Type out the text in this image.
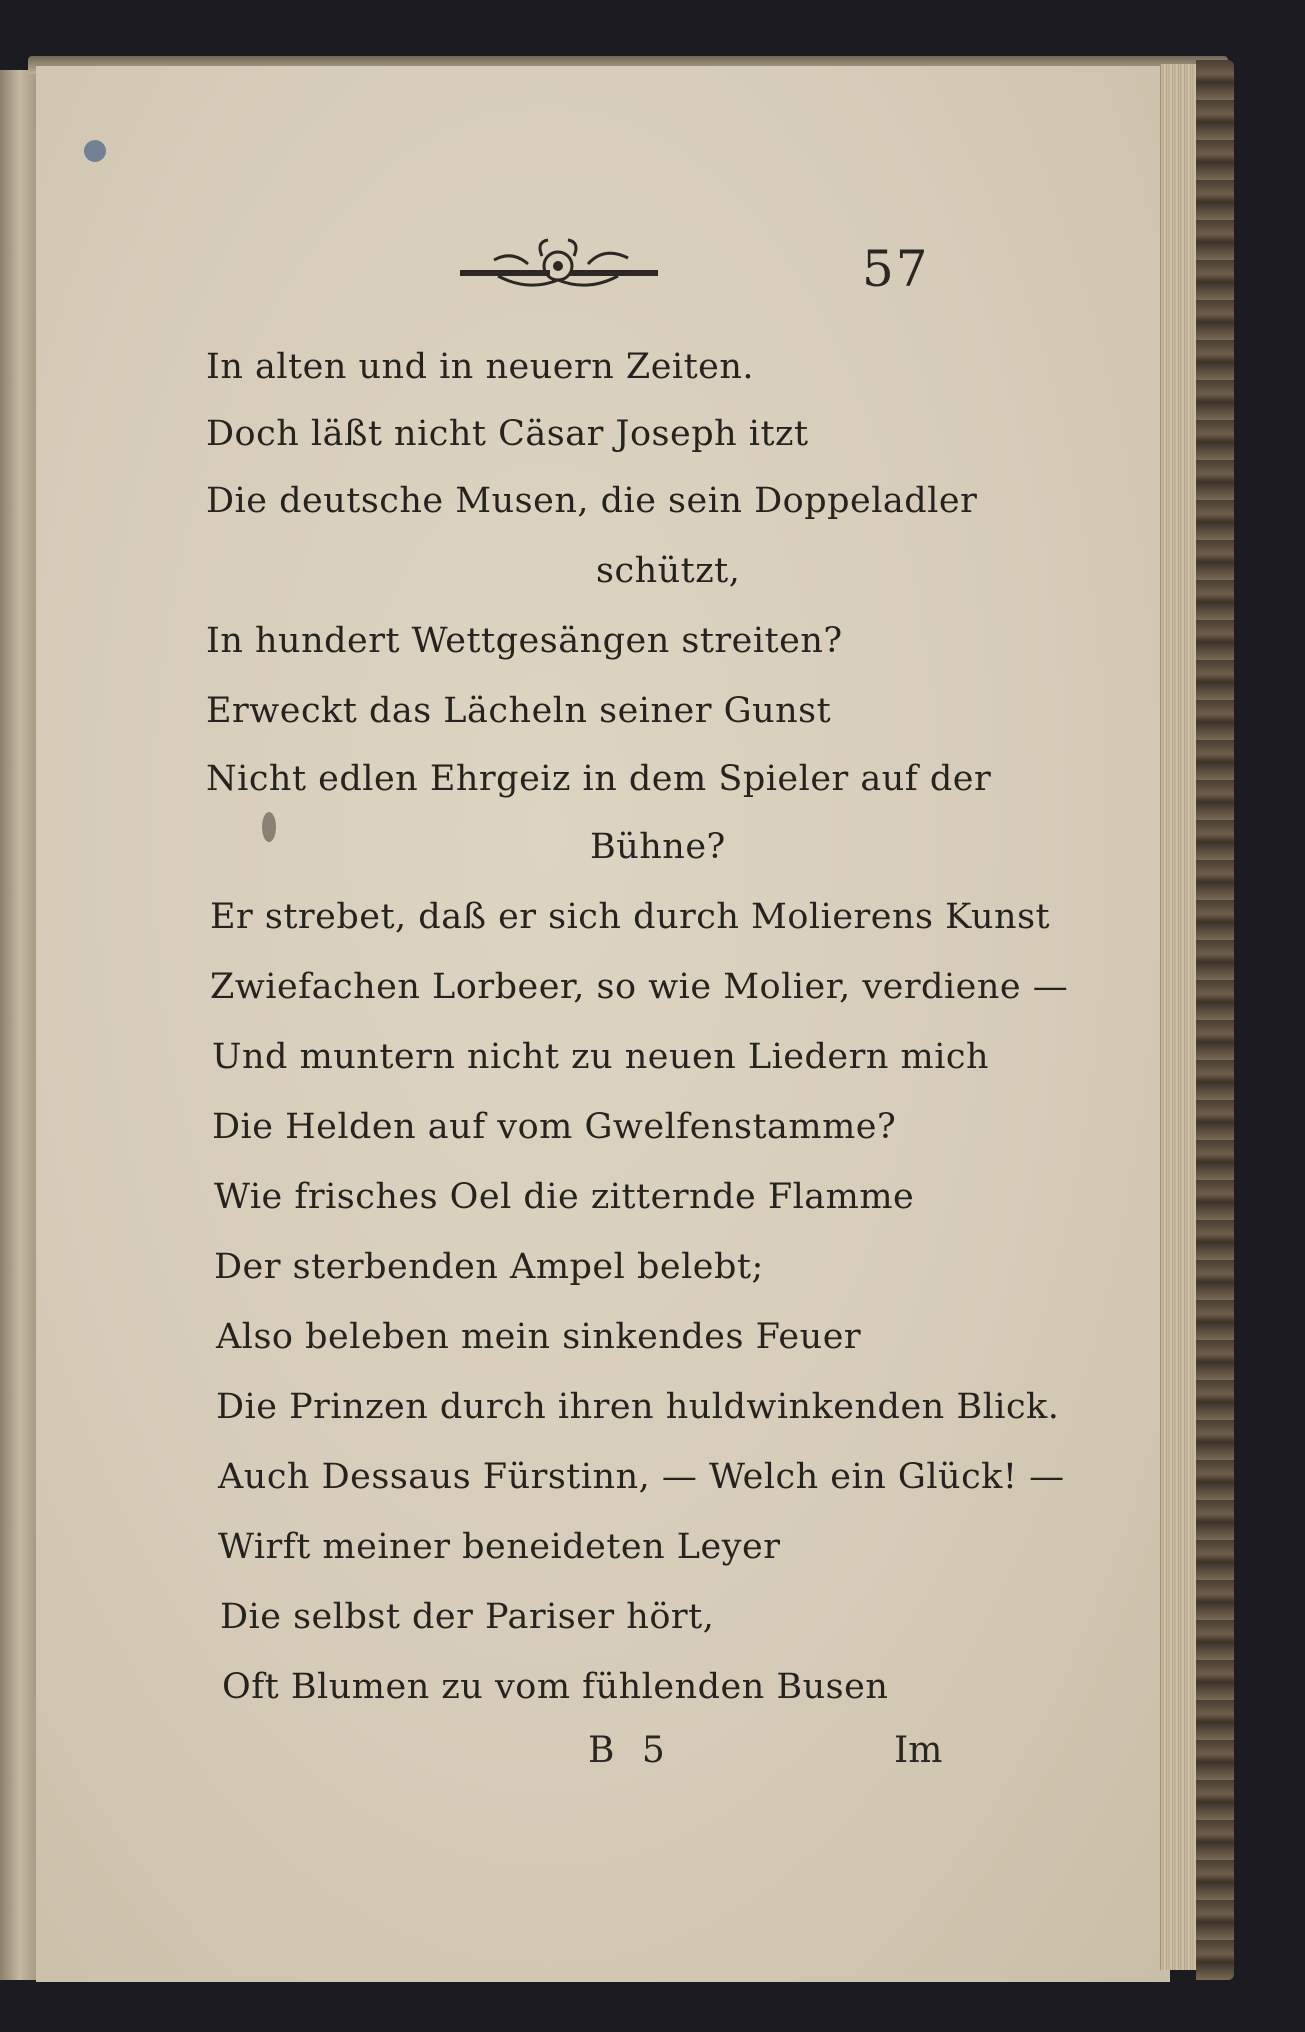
57

In alten und in neuern Zeiten.

Doch läßt nicht Cäsar Joseph itzt

Die deutsche Musen, die sein Doppeladler

schützt,

In hundert Wettgesängen streiten?

Erweckt das Lächeln seiner Gunst

Nicht edlen Ehrgeiz in dem Spieler auf der

Bühne?

Er strebet, daß er sich durch Molierens Kunst

Zwiefachen Lorbeer, so wie Molier, verdiene —

Und muntern nicht zu neuen Liedern mich

Die Helden auf vom Gwelfenstamme?

Wie frisches Oel die zitternde Flamme

Der sterbenden Ampel belebt;

Also beleben mein sinkendes Feuer

Die Prinzen durch ihren huldwinkenden Blick.

Auch Dessaus Fürstinn, — Welch ein Glück! —

Wirft meiner beneideten Leyer

Die selbst der Pariser hört,

Oft Blumen zu vom fühlenden Busen

B 5	Im
